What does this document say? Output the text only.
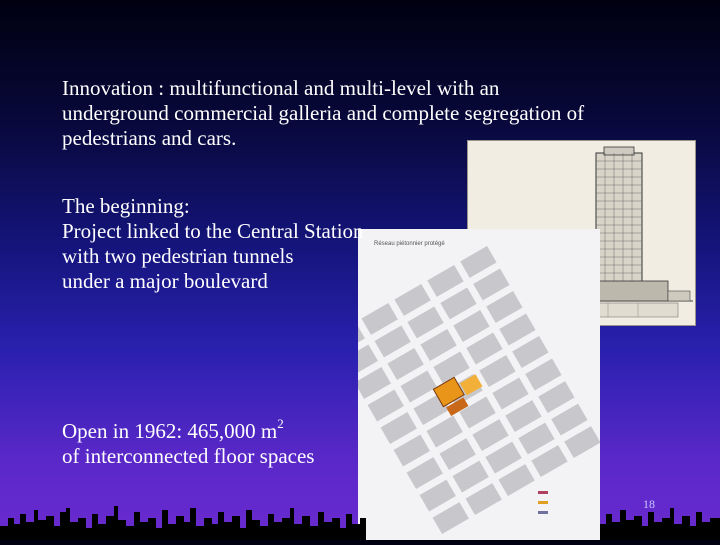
Réseau piétonnier protégé
Innovation : multifunctional and multi-level with an
underground commercial galleria and complete segregation of
pedestrians and cars.
The beginning:
Project linked to the Central Station
with two pedestrian tunnels
under a major boulevard
Open in 1962: 465,000 $m^2$
of interconnected floor spaces
18
